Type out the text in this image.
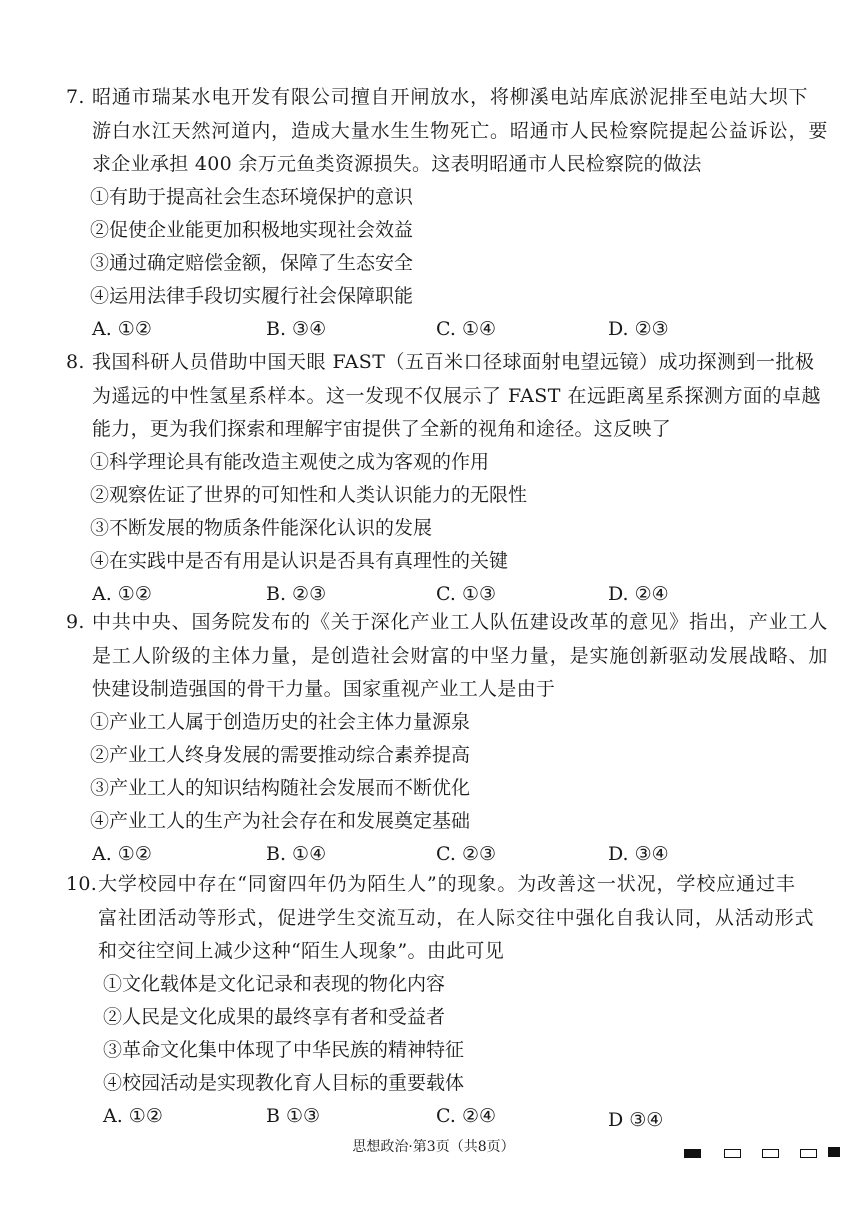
7. 昭通市瑞某水电开发有限公司擅自开闸放水，将柳溪电站库底淤泥排至电站大坝下
游白水江天然河道内，造成大量水生生物死亡。昭通市人民检察院提起公益诉讼，要
求企业承担 400 余万元鱼类资源损失。这表明昭通市人民检察院的做法
①有助于提高社会生态环境保护的意识
②促使企业能更加积极地实现社会效益
③通过确定赔偿金额，保障了生态安全
④运用法律手段切实履行社会保障职能
A. ①②	B. ③④	C. ①④	D. ②③
8. 我国科研人员借助中国天眼 FAST（五百米口径球面射电望远镜）成功探测到一批极
为遥远的中性氢星系样本。这一发现不仅展示了 FAST 在远距离星系探测方面的卓越
能力，更为我们探索和理解宇宙提供了全新的视角和途径。这反映了
①科学理论具有能改造主观使之成为客观的作用
②观察佐证了世界的可知性和人类认识能力的无限性
③不断发展的物质条件能深化认识的发展
④在实践中是否有用是认识是否具有真理性的关键
A. ①②	B. ②③	C. ①③	D. ②④
9. 中共中央、国务院发布的《关于深化产业工人队伍建设改革的意见》指出，产业工人
是工人阶级的主体力量，是创造社会财富的中坚力量，是实施创新驱动发展战略、加
快建设制造强国的骨干力量。国家重视产业工人是由于
①产业工人属于创造历史的社会主体力量源泉
②产业工人终身发展的需要推动综合素养提高
③产业工人的知识结构随社会发展而不断优化
④产业工人的生产为社会存在和发展奠定基础
A. ①②	B. ①④	C. ②③	D. ③④
10. 大学校园中存在“同窗四年仍为陌生人”的现象。为改善这一状况，学校应通过丰
富社团活动等形式，促进学生交流互动，在人际交往中强化自我认同，从活动形式
和交往空间上减少这种“陌生人现象”。由此可见
①文化载体是文化记录和表现的物化内容
②人民是文化成果的最终享有者和受益者
③革命文化集中体现了中华民族的精神特征
④校园活动是实现教化育人目标的重要载体
A. ①②	B ①③	C. ②④	D ③④
思想政治·第3页（共8页）
